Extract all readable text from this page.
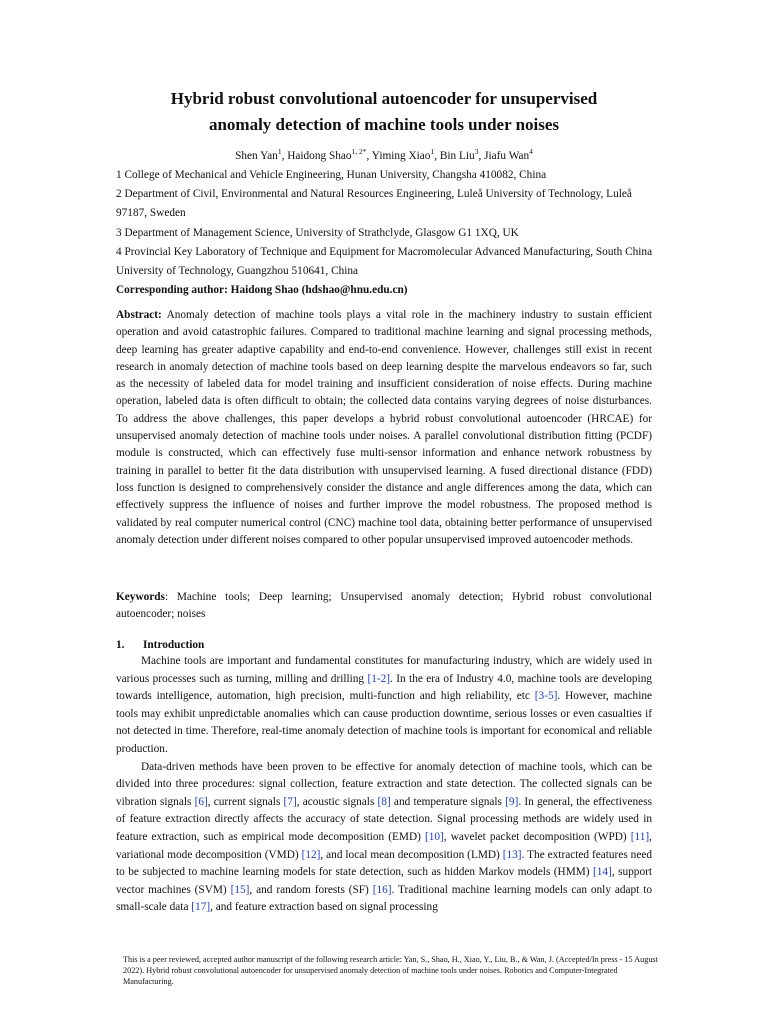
Hybrid robust convolutional autoencoder for unsupervised
anomaly detection of machine tools under noises

Shen Yan$^1$, Haidong Shao$^{1, 2*}$, Yiming Xiao$^1$, Bin Liu$^3$, Jiafu Wan$^4$

1 College of Mechanical and Vehicle Engineering, Hunan University, Changsha 410082, China

2 Department of Civil, Environmental and Natural Resources Engineering, Luleå University of Technology, Luleå 97187, Sweden

3 Department of Management Science, University of Strathclyde, Glasgow G1 1XQ, UK

4 Provincial Key Laboratory of Technique and Equipment for Macromolecular Advanced Manufacturing, South China University of Technology, Guangzhou 510641, China

Corresponding author: Haidong Shao (hdshao@hnu.edu.cn)

Abstract: Anomaly detection of machine tools plays a vital role in the machinery industry to sustain efficient operation and avoid catastrophic failures. Compared to traditional machine learning and signal processing methods, deep learning has greater adaptive capability and end-to-end convenience. However, challenges still exist in recent research in anomaly detection of machine tools based on deep learning despite the marvelous endeavors so far, such as the necessity of labeled data for model training and insufficient consideration of noise effects. During machine operation, labeled data is often difficult to obtain; the collected data contains varying degrees of noise disturbances. To address the above challenges, this paper develops a hybrid robust convolutional autoencoder (HRCAE) for unsupervised anomaly detection of machine tools under noises. A parallel convolutional distribution fitting (PCDF) module is constructed, which can effectively fuse multi-sensor information and enhance network robustness by training in parallel to better fit the data distribution with unsupervised learning. A fused directional distance (FDD) loss function is designed to comprehensively consider the distance and angle differences among the data, which can effectively suppress the influence of noises and further improve the model robustness. The proposed method is validated by real computer numerical control (CNC) machine tool data, obtaining better performance of unsupervised anomaly detection under different noises compared to other popular unsupervised improved autoencoder methods.

Keywords: Machine tools; Deep learning; Unsupervised anomaly detection; Hybrid robust convolutional autoencoder; noises

1. Introduction

Machine tools are important and fundamental constitutes for manufacturing industry, which are widely used in various processes such as turning, milling and drilling [1-2]. In the era of Industry 4.0, machine tools are developing towards intelligence, automation, high precision, multi-function and high reliability, etc [3-5]. However, machine tools may exhibit unpredictable anomalies which can cause production downtime, serious losses or even casualties if not detected in time. Therefore, real-time anomaly detection of machine tools is important for economical and reliable production.

Data-driven methods have been proven to be effective for anomaly detection of machine tools, which can be divided into three procedures: signal collection, feature extraction and state detection. The collected signals can be vibration signals [6], current signals [7], acoustic signals [8] and temperature signals [9]. In general, the effectiveness of feature extraction directly affects the accuracy of state detection. Signal processing methods are widely used in feature extraction, such as empirical mode decomposition (EMD) [10], wavelet packet decomposition (WPD) [11], variational mode decomposition (VMD) [12], and local mean decomposition (LMD) [13]. The extracted features need to be subjected to machine learning models for state detection, such as hidden Markov models (HMM) [14], support vector machines (SVM) [15], and random forests (SF) [16]. Traditional machine learning models can only adapt to small-scale data [17], and feature extraction based on signal processing

This is a peer reviewed, accepted author manuscript of the following research article: Yan, S., Shao, H., Xiao, Y., Liu, B., & Wan, J. (Accepted/In press - 15 August 2022). Hybrid robust convolutional autoencoder for unsupervised anomaly detection of machine tools under noises. Robotics and Computer-Integrated Manufacturing.
